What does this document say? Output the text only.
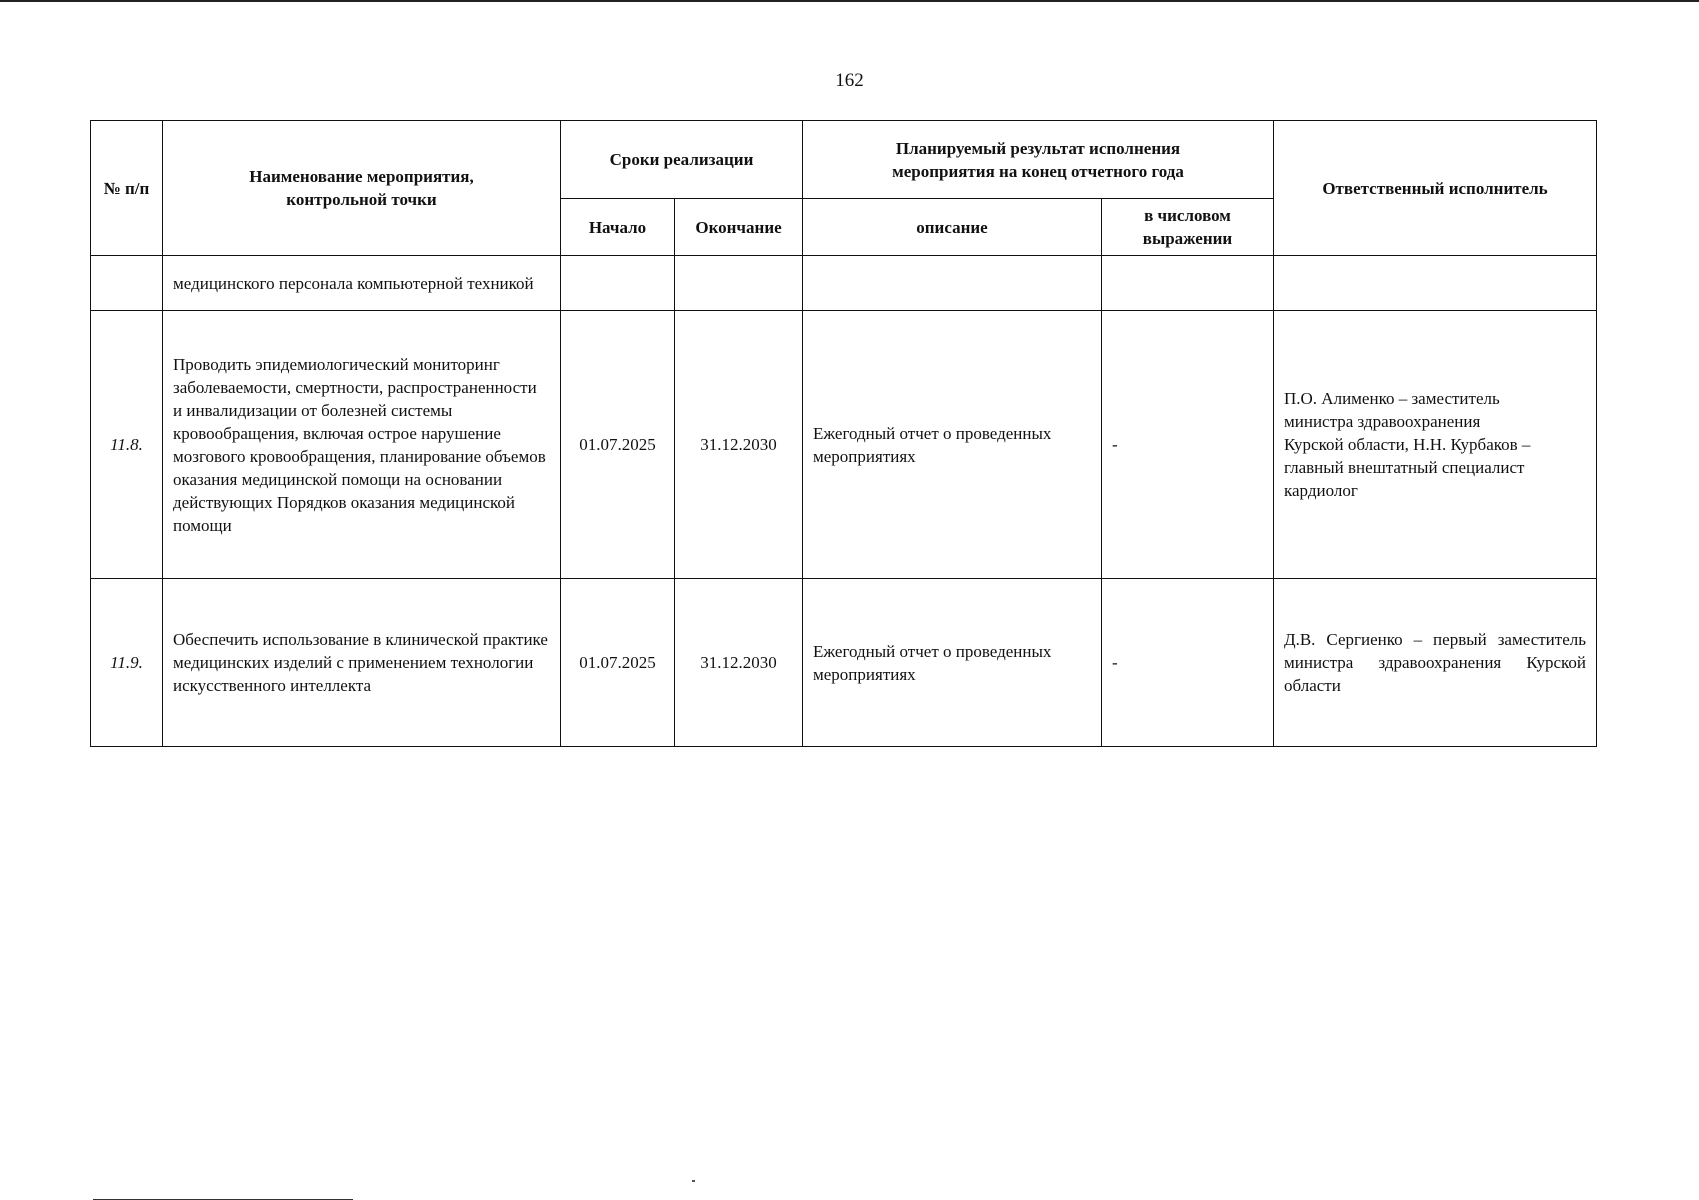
162
№ п/п	Наименование мероприятия, контрольной точки	Сроки реализации		Планируемый результат исполнения мероприятия на конец отчетного года		Ответственный исполнитель
		Начало	Окончание	описание	в числовом выражении	
	медицинского персонала компьютерной техникой					
11.8.	Проводить эпидемиологический мониторинг заболеваемости, смертности, распространенности и инвалидизации от болезней системы кровообращения, включая острое нарушение мозгового кровообращения, планирование объемов оказания медицинской помощи на основании действующих Порядков оказания медицинской помощи	01.07.2025	31.12.2030	Ежегодный отчет о проведенных мероприятиях	-	П.О. Алименко – заместитель министра здравоохранения Курской области, Н.Н. Курбаков – главный внештатный специалист кардиолог
11.9.	Обеспечить использование в клинической практике медицинских изделий с применением технологии искусственного интеллекта	01.07.2025	31.12.2030	Ежегодный отчет о проведенных мероприятиях	-	Д.В. Сергиенко – первый заместитель министра здравоохранения Курской области
